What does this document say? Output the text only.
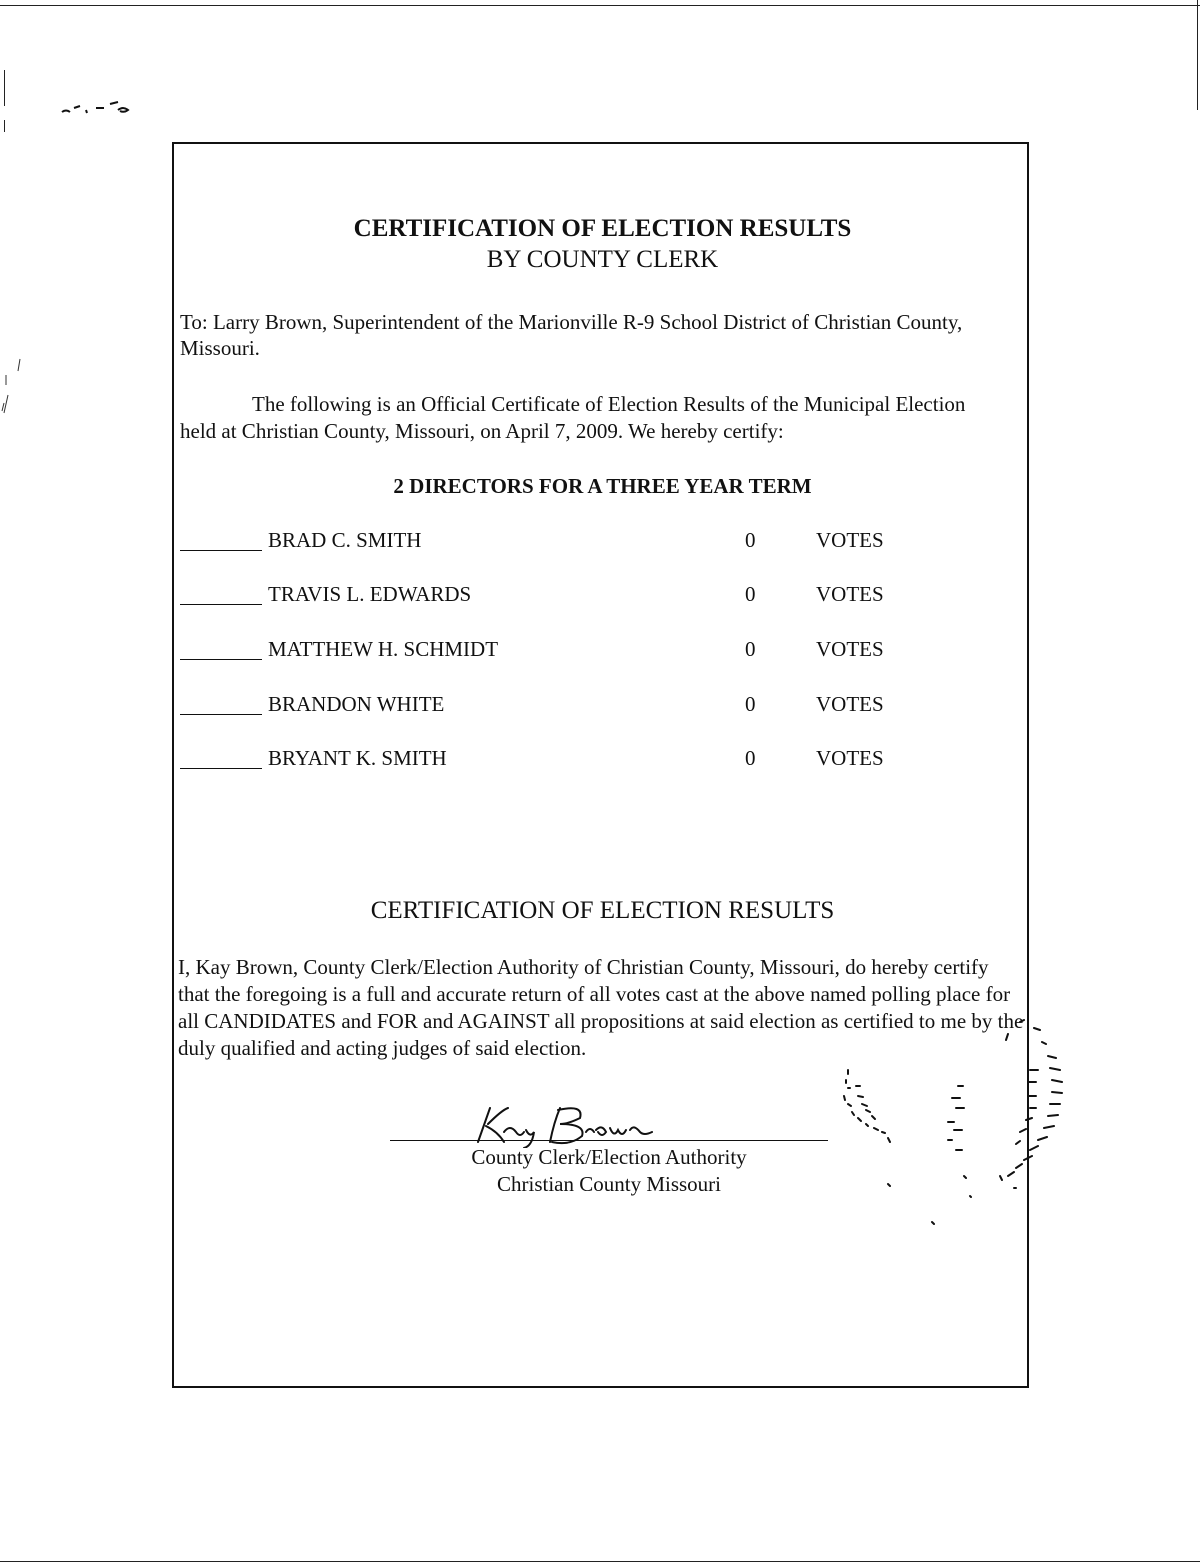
CERTIFICATION OF ELECTION RESULTS
BY COUNTY CLERK
To: Larry Brown, Superintendent of the Marionville R-9 School District of Christian County, Missouri.
The following is an Official Certificate of Election Results of the Municipal Election held at Christian County, Missouri, on April 7, 2009. We hereby certify:
2 DIRECTORS FOR A THREE YEAR TERM
BRAD C. SMITH	0	VOTES
TRAVIS L. EDWARDS	0	VOTES
MATTHEW H. SCHMIDT	0	VOTES
BRANDON WHITE	0	VOTES
BRYANT K. SMITH	0	VOTES
CERTIFICATION OF ELECTION RESULTS
I, Kay Brown, County Clerk/Election Authority of Christian County, Missouri, do hereby certify that the foregoing is a full and accurate return of all votes cast at the above named polling place for all CANDIDATES and FOR and AGAINST all propositions at said election as certified to me by the duly qualified and acting judges of said election.
County Clerk/Election Authority
Christian County Missouri
